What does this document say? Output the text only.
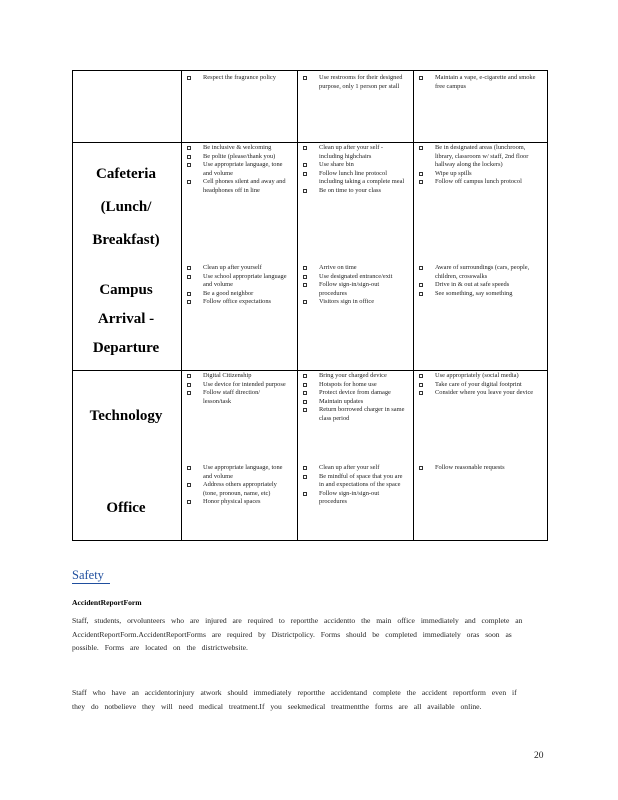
Respect the fragrance policy	Use restrooms for their designed purpose, only 1 person per stall
Maintain a vape, e-cigarette and smoke free campus
Cafeteria (Lunch/ Breakfast)
Be inclusive & welcoming
Be polite (please/thank you)
Use appropriate language, tone and volume
Cell phones silent and away and headphones off in line
Clean up after your self - including highchairs
Use share bin
Follow lunch line protocol including taking a complete meal
Be on time to your class
Be in designated areas (lunchroom, library, classroom w/ staff, 2nd floor hallway along the lockers)
Wipe up spills
Follow off campus lunch protocol
Campus Arrival - Departure
Clean up after yourself
Use school appropriate language and volume
Be a good neighbor
Follow office expectations
Arrive on time
Use designated entrance/exit
Follow sign-in/sign-out procedures
Visitors sign in office
Aware of surroundings (cars, people, children, crosswalks
Drive in & out at safe speeds
See something, say something
Technology
Digital Citizenship
Use device for intended purpose
Follow staff direction/ lesson/task
Bring your charged device
Hotspots for home use
Protect device from damage
Maintain updates
Return borrowed charger in same class period
Use appropriately (social media)
Take care of your digital footprint
Consider where you leave your device
Office
Use appropriate language, tone and volume
Address others appropriately (tone, pronoun, name, etc)
Honor physical spaces
Clean up after your self
Be mindful of space that you are in and expectations of the space
Follow sign-in/sign-out procedures
Follow reasonable requests
Safety
AccidentReportForm
Staff, students, orvolunteers who are injured are required to reportthe accidentto the main office immediately and complete an AccidentReportForm.AccidentReportForms are required by Districtpolicy. Forms should be completed immediately oras soon as possible. Forms are located on the districtwebsite.
Staff who have an accidentorinjury atwork should immediately reportthe accidentand complete the accident reportform even if they do notbelieve they will need medical treatment.If you seekmedical treatmentthe forms are all available online.
20
